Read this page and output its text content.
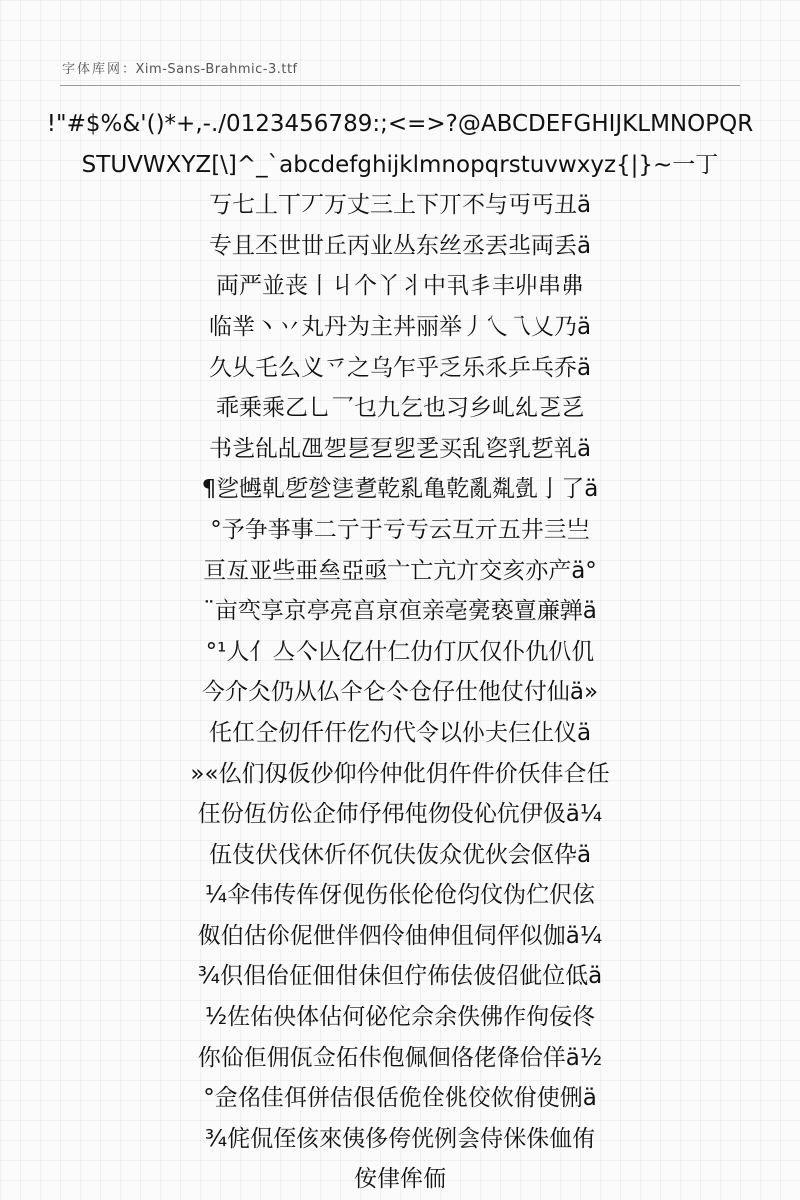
字体库网：Xim-Sans-Brahmic-3.ttf
!"#$%&'()*+,-./0123456789:;<=>?@ABCDEFGHIJKLMNOPQR
STUVWXYZ[\]^_`abcdefghijklmnopqrstuvwxyz{|}~一丁
丂七丄丅丆万丈三上下丌不与丏丐丑ä
专且丕世丗丘丙业丛东丝丞丟丠両丢ä
両严並丧丨丩个丫丬中丮丯丰丱串丳
临丵丶丷丸丹为主丼丽举丿乀乁乂乃ä
久乆乇么义乊之乌乍乎乏乐乑乒乓乔ä
乖乗乘乙乚乛乜九乞也习乡乢乣乤乥
书乧乨乩乪乫乬乭乮乯买乱乲乳乴乵ä
¶乷乸乹乺乻乼乽乾乿亀亁亂亃亄亅了ä
°予争亊事二亍于亏亐云互亓五井亖亗
亘亙亚些亜亝亞亟亠亡亢亣交亥亦产ä°
¨亩亪享京亭亮亯亰亱亲亳亴亵亶亷亸ä
°¹人亻亼亽亾亿什仁仂仃仄仅仆仇仈仉
今介仌仍从仏仐仑仒仓仔仕他仗付仙ä»
仛仜仝仞仟仠仡仢代令以仦仧仨仩仪ä
»«仫们仭仮仯仰仱仲仳仴仵件价仸仹仺任
仼份仾仿伀企伂伃伄伅伆伇伈伉伊伋ä¼
伍伎伏伐休伒伓伔伕伖众优伙会伛伜ä
¼伞伟传伡伢伣伤伥伦伧伨伩伪伫伬伭
伮伯估伱伲伳伴伵伶伷伸伹伺伻似伽ä¼
¾伿佀佁佂佃佄佅但佇佈佉佊佋佌位低ä
½佐佑佒体佔何佖佗佘余佚佛作佝佞佟
你佡佢佣佤佥佦佧佨佩佪佫佬佭佮佯ä½
°佱佲佳佴併佶佷佸佹佺佻佼佽佾使侀ä
¾侂侃侄侅來侇侈侉侊例侌侍侎侏侐侑
侒侓侔侕
